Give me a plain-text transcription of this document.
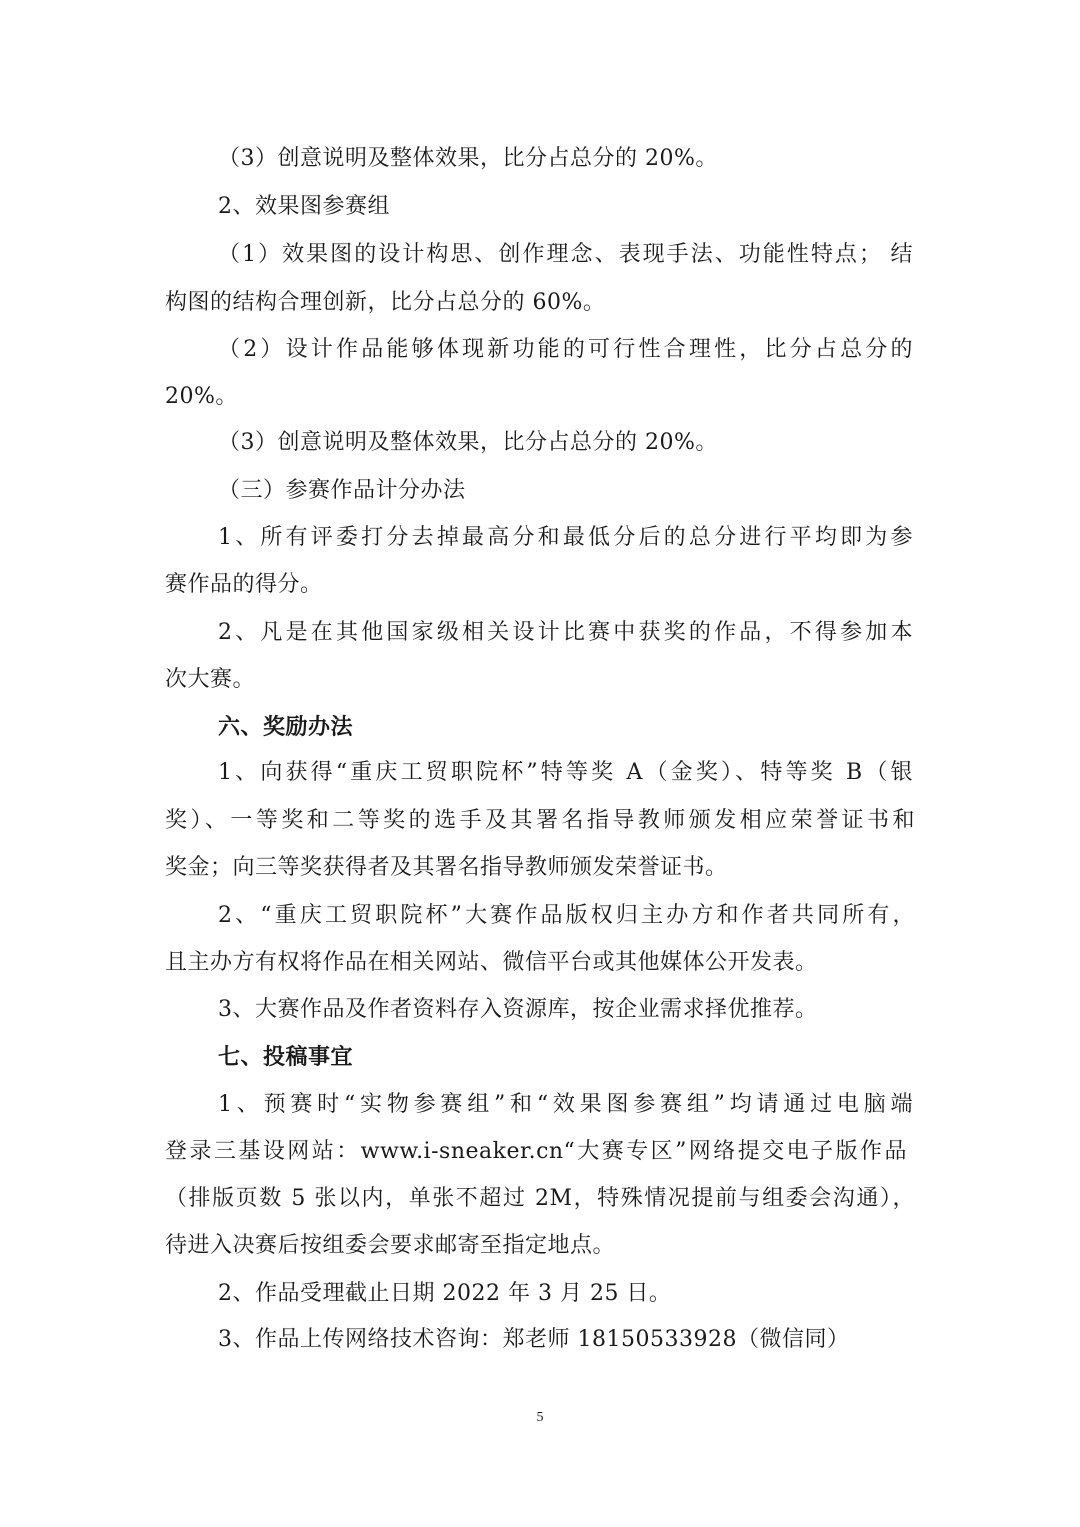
（3）创意说明及整体效果，比分占总分的 20%。
2、效果图参赛组
（1）效果图的设计构思、创作理念、表现手法、功能性特点； 结
构图的结构合理创新，比分占总分的 60%。
（2）设计作品能够体现新功能的可行性合理性，比分占总分的
20%。
（3）创意说明及整体效果，比分占总分的 20%。
（三）参赛作品计分办法
1、所有评委打分去掉最高分和最低分后的总分进行平均即为参
赛作品的得分。
2、凡是在其他国家级相关设计比赛中获奖的作品，不得参加本
次大赛。
六、奖励办法
1、向获得“重庆工贸职院杯”特等奖 A（金奖）、特等奖 B（银
奖）、一等奖和二等奖的选手及其署名指导教师颁发相应荣誉证书和
奖金；向三等奖获得者及其署名指导教师颁发荣誉证书。
2、“重庆工贸职院杯”大赛作品版权归主办方和作者共同所有，
且主办方有权将作品在相关网站、微信平台或其他媒体公开发表。
3、大赛作品及作者资料存入资源库，按企业需求择优推荐。
七、投稿事宜
1、预赛时“实物参赛组”和“效果图参赛组”均请通过电脑端
登录三基设网站：www.i-sneaker.cn“大赛专区”网络提交电子版作品
（排版页数 5 张以内，单张不超过 2M，特殊情况提前与组委会沟通），
待进入决赛后按组委会要求邮寄至指定地点。
2、作品受理截止日期 2022 年 3 月 25 日。
3、作品上传网络技术咨询：郑老师 18150533928（微信同）
5
